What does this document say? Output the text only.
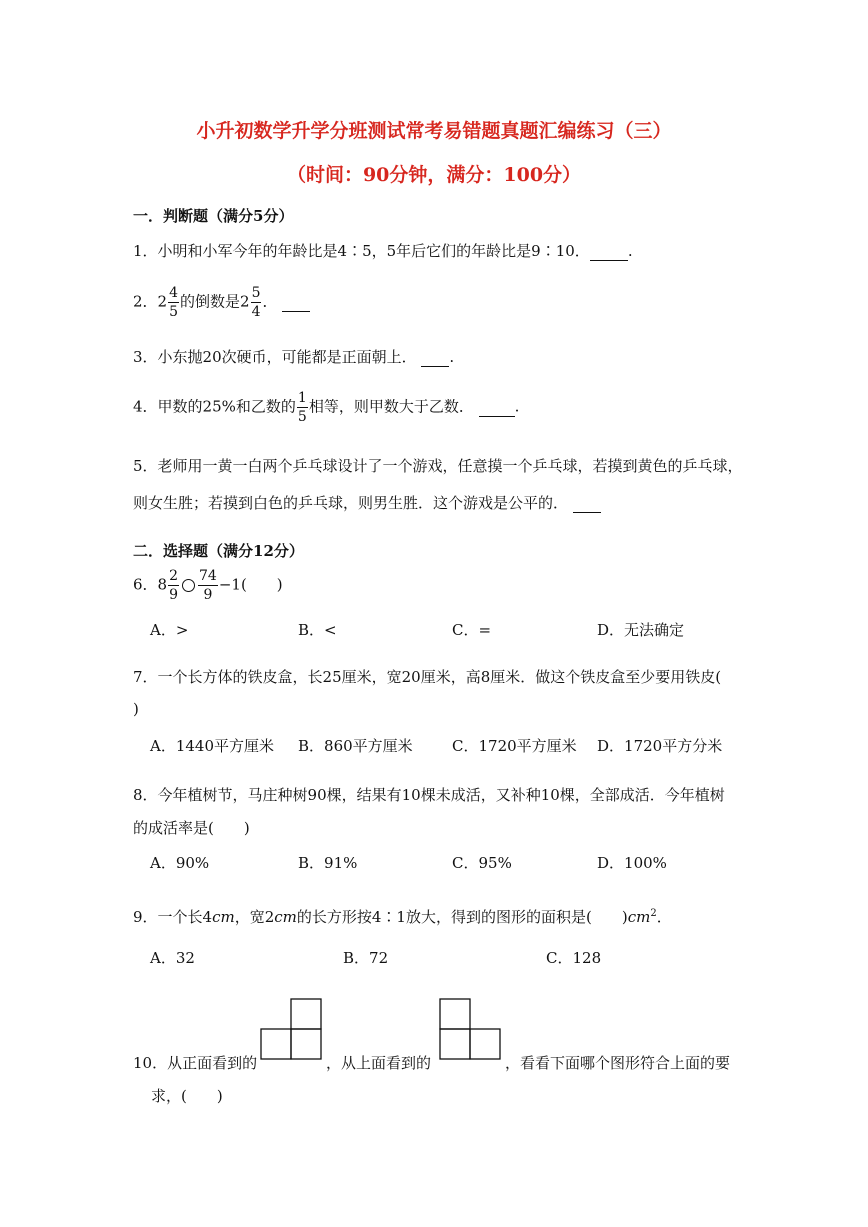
小升初数学升学分班测试常考易错题真题汇编练习（三）
（时间：90分钟，满分：100分）
一．判断题（满分5分）
1．小明和小军今年的年龄比是4∶5，5年后它们的年龄比是9∶10．	.
2．$2 \frac{4}{5}$ 的倒数是$2 \frac{5}{4}$ ．
3．小东抛20次硬币，可能都是正面朝上． .
4．甲数的25%和乙数的 $\frac{1}{5}$ 相等，则甲数大于乙数．	.
5．老师用一黄一白两个乒乓球设计了一个游戏，任意摸一个乒乓球，若摸到黄色的乒乓球，
则女生胜；若摸到白色的乒乓球，则男生胜．这个游戏是公平的．
二．选择题（满分12分）
6．$8 \frac{2}{9} \frac{74}{9} -1$(　　)
A．>	B．<	C．=	D．无法确定
7．一个长方体的铁皮盒，长25厘米，宽20厘米，高8厘米．做这个铁皮盒至少要用铁皮(
)
A．1440平方厘米 B．860平方厘米	C．1720平方厘米 D．1720平方分米
8．今年植树节，马庄种树90棵，结果有10棵未成活，又补种10棵，全部成活．今年植树
的成活率是(　　)
A．90%	B．91%	C．95%	D．100%
9．一个长4cm，宽2cm的长方形按4∶1放大，得到的图形的面积是(　　)$cm^2$．
A．32	B．72	C．128
10．从正面看到的	，从上面看到的	，看看下面哪个图形符合上面的要
求，(　　)
